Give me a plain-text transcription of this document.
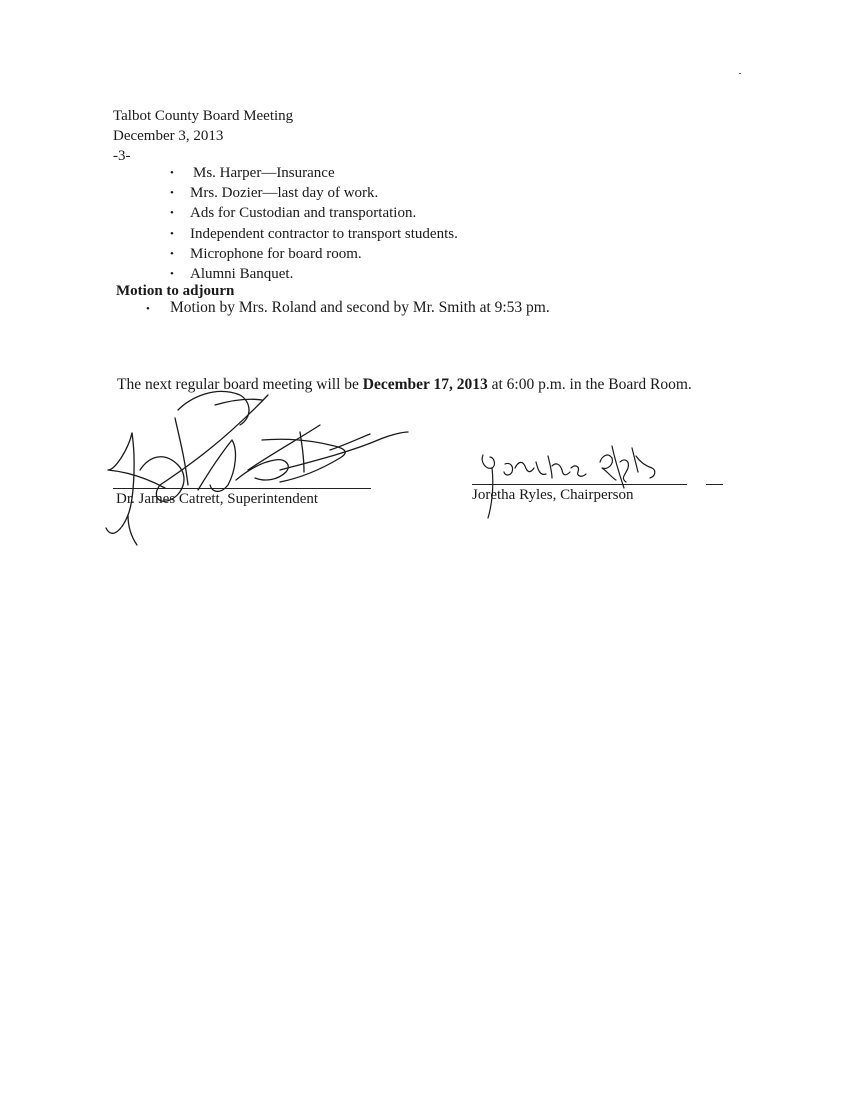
Talbot County Board Meeting
December 3, 2013
-3-
• Ms. Harper—Insurance
• Mrs. Dozier—last day of work.
• Ads for Custodian and transportation.
• Independent contractor to transport students.
• Microphone for board room.
• Alumni Banquet.
Motion to adjourn
• Motion by Mrs. Roland and second by Mr. Smith at 9:53 pm.
The next regular board meeting will be December 17, 2013 at 6:00 p.m. in the Board Room.
Dr. James Catrett, Superintendent	Joretha Ryles, Chairperson
